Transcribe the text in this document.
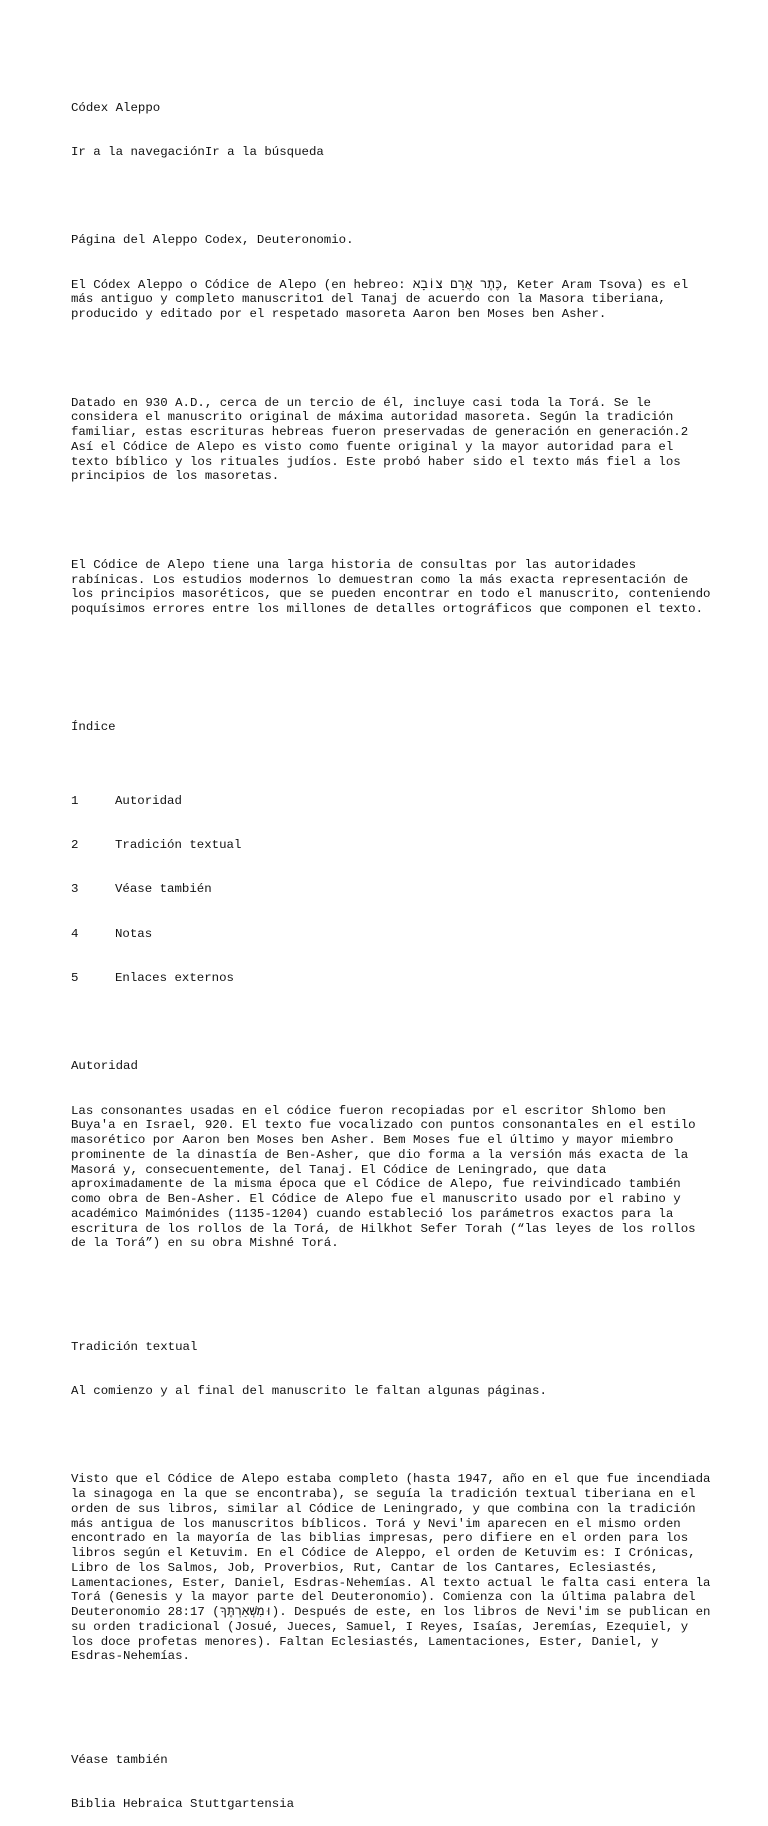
Códex Aleppo

Ir a la navegaciónIr a la búsqueda

Página del Aleppo Codex, Deuteronomio.

El Códex Aleppo o Códice de Alepo (en hebreo: כֶּתֶר אֲרָם צוֹבָא, Keter Aram Tsova) es el más antiguo y completo manuscrito1 del Tanaj de acuerdo con la Masora tiberiana, producido y editado por el respetado masoreta Aaron ben Moses ben Asher.

Datado en 930 A.D., cerca de un tercio de él, incluye casi toda la Torá. Se le considera el manuscrito original de máxima autoridad masoreta. Según la tradición familiar, estas escrituras hebreas fueron preservadas de generación en generación.2 Así el Códice de Alepo es visto como fuente original y la mayor autoridad para el texto bíblico y los rituales judíos. Este probó haber sido el texto más fiel a los principios de los masoretas.

El Códice de Alepo tiene una larga historia de consultas por las autoridades rabínicas. Los estudios modernos lo demuestran como la más exacta representación de los principios masoréticos, que se pueden encontrar en todo el manuscrito, conteniendo poquísimos errores entre los millones de detalles ortográficos que componen el texto.

Índice

1	Autoridad

2	Tradición textual

3	Véase también

4	Notas

5	Enlaces externos

Autoridad

Las consonantes usadas en el códice fueron recopiadas por el escritor Shlomo ben Buya'a en Israel, 920. El texto fue vocalizado con puntos consonantales en el estilo masorético por Aaron ben Moses ben Asher. Bem Moses fue el último y mayor miembro prominente de la dinastía de Ben-Asher, que dio forma a la versión más exacta de la Masorá y, consecuentemente, del Tanaj. El Códice de Leningrado, que data aproximadamente de la misma época que el Códice de Alepo, fue reivindicado también como obra de Ben-Asher. El Códice de Alepo fue el manuscrito usado por el rabino y académico Maimónides (1135-1204) cuando estableció los parámetros exactos para la escritura de los rollos de la Torá, de Hilkhot Sefer Torah (“las leyes de los rollos de la Torá”) en su obra Mishné Torá.

Tradición textual

Al comienzo y al final del manuscrito le faltan algunas páginas.

Visto que el Códice de Alepo estaba completo (hasta 1947, año en el que fue incendiada la sinagoga en la que se encontraba), se seguía la tradición textual tiberiana en el orden de sus libros, similar al Códice de Leningrado, y que combina con la tradición más antigua de los manuscritos bíblicos. Torá y Nevi'im aparecen en el mismo orden encontrado en la mayoría de las biblias impresas, pero difiere en el orden para los libros según el Ketuvim. En el Códice de Aleppo, el orden de Ketuvim es: I Crónicas, Libro de los Salmos, Job, Proverbios, Rut, Cantar de los Cantares, Eclesiastés, Lamentaciones, Ester, Daniel, Esdras-Nehemías. Al texto actual le falta casi entera la Torá (Genesis y la mayor parte del Deuteronomio). Comienza con la última palabra del Deuteronomio 28:17 (וּמִשְׁאַרְתֶּךָ). Después de este, en los libros de Nevi'im se publican en su orden tradicional (Josué, Jueces, Samuel, I Reyes, Isaías, Jeremías, Ezequiel, y los doce profetas menores). Faltan Eclesiastés, Lamentaciones, Ester, Daniel, y Esdras-Nehemías.

Véase también

Biblia Hebraica Stuttgartensia
